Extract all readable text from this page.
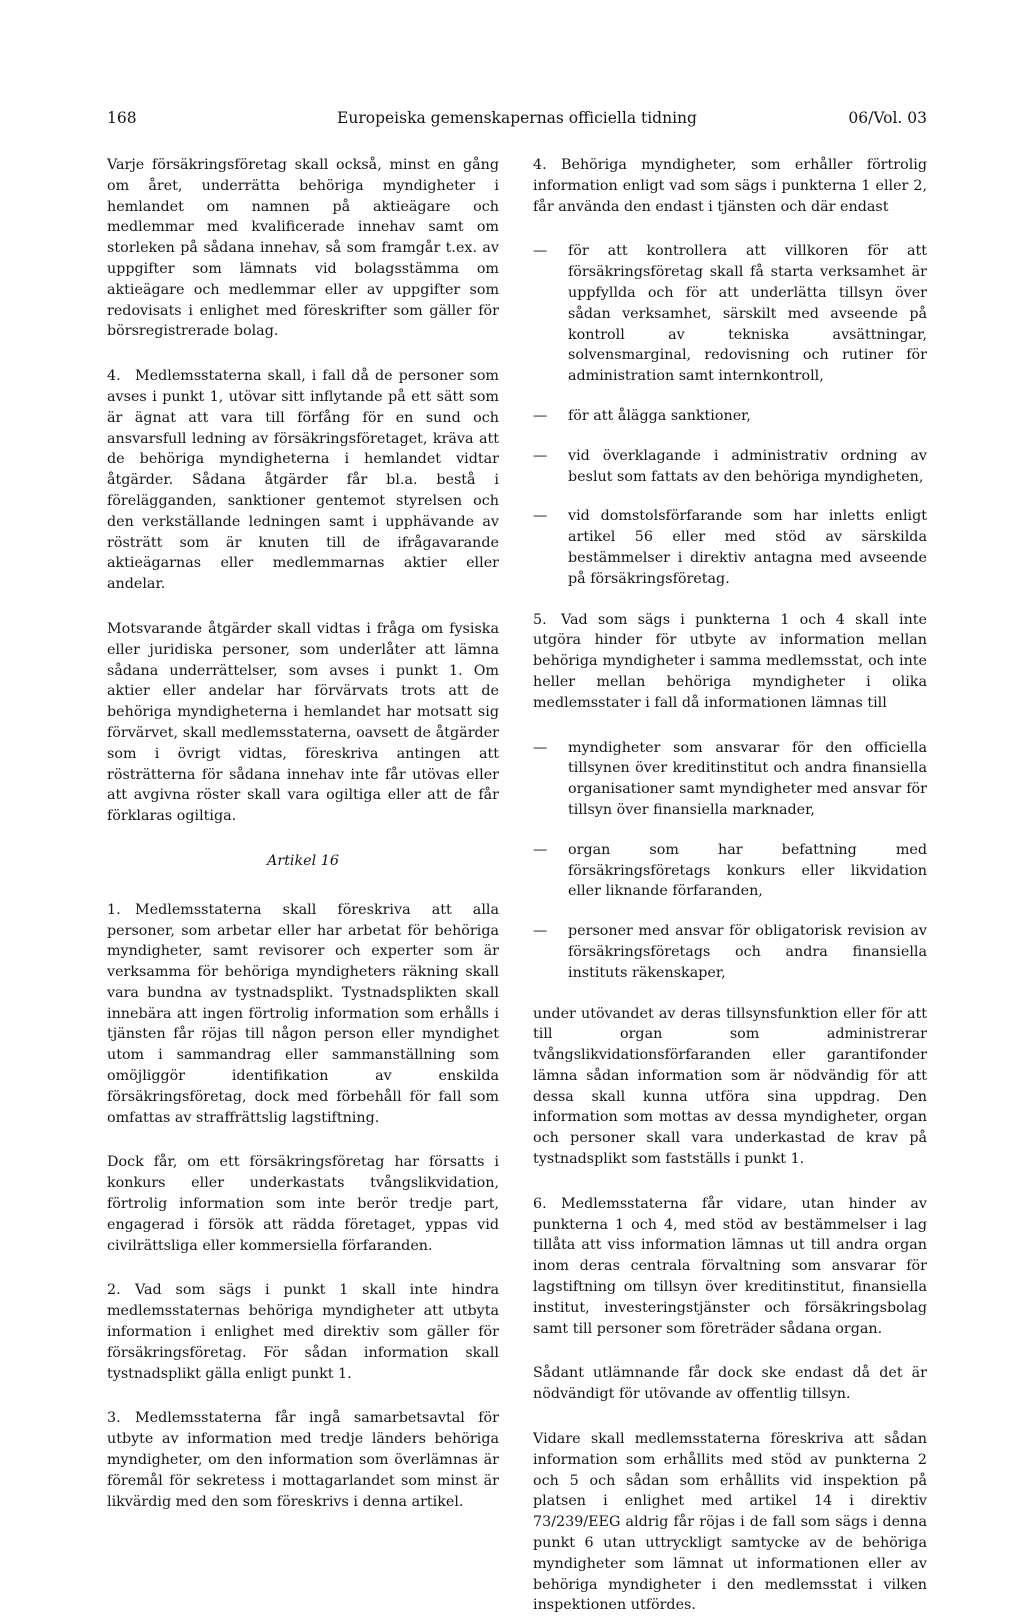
168	Europeiska gemenskapernas officiella tidning	06/Vol. 03

Varje försäkringsföretag skall också, minst en gång om året, underrätta behöriga myndigheter i hemlandet om namnen på aktieägare och medlemmar med kvalificerade innehav samt om storleken på sådana innehav, så som framgår t.ex. av uppgifter som lämnats vid bolagsstämma om aktieägare och medlemmar eller av uppgifter som redovisats i enlighet med föreskrifter som gäller för börsregistrerade bolag.

4. Medlemsstaterna skall, i fall då de personer som avses i punkt 1, utövar sitt inflytande på ett sätt som är ägnat att vara till förfång för en sund och ansvarsfull ledning av försäkringsföretaget, kräva att de behöriga myndigheterna i hemlandet vidtar åtgärder. Sådana åtgärder får bl.a. bestå i förelägganden, sanktioner gentemot styrelsen och den verkställande ledningen samt i upphävande av rösträtt som är knuten till de ifrågavarande aktieägarnas eller medlemmarnas aktier eller andelar.

Motsvarande åtgärder skall vidtas i fråga om fysiska eller juridiska personer, som underlåter att lämna sådana underrättelser, som avses i punkt 1. Om aktier eller andelar har förvärvats trots att de behöriga myndigheterna i hemlandet har motsatt sig förvärvet, skall medlemsstaterna, oavsett de åtgärder som i övrigt vidtas, föreskriva antingen att rösträtterna för sådana innehav inte får utövas eller att avgivna röster skall vara ogiltiga eller att de får förklaras ogiltiga.

Artikel 16

1. Medlemsstaterna skall föreskriva att alla personer, som arbetar eller har arbetat för behöriga myndigheter, samt revisorer och experter som är verksamma för behöriga myndigheters räkning skall vara bundna av tystnadsplikt. Tystnadsplikten skall innebära att ingen förtrolig information som erhålls i tjänsten får röjas till någon person eller myndighet utom i sammandrag eller sammanställning som omöjliggör identifikation av enskilda försäkringsföretag, dock med förbehåll för fall som omfattas av straffrättslig lagstiftning.

Dock får, om ett försäkringsföretag har försatts i konkurs eller underkastats tvångslikvidation, förtrolig information som inte berör tredje part, engagerad i försök att rädda företaget, yppas vid civilrättsliga eller kommersiella förfaranden.

2. Vad som sägs i punkt 1 skall inte hindra medlemsstaternas behöriga myndigheter att utbyta information i enlighet med direktiv som gäller för försäkringsföretag. För sådan information skall tystnadsplikt gälla enligt punkt 1.

3. Medlemsstaterna får ingå samarbetsavtal för utbyte av information med tredje länders behöriga myndigheter, om den information som överlämnas är föremål för sekretess i mottagarlandet som minst är likvärdig med den som föreskrivs i denna artikel.

4. Behöriga myndigheter, som erhåller förtrolig information enligt vad som sägs i punkterna 1 eller 2, får använda den endast i tjänsten och där endast

—	för att kontrollera att villkoren för att försäkringsföretag skall få starta verksamhet är uppfyllda och för att underlätta tillsyn över sådan verksamhet, särskilt med avseende på kontroll av tekniska avsättningar, solvensmarginal, redovisning och rutiner för administration samt internkontroll,
—	för att ålägga sanktioner,
—	vid överklagande i administrativ ordning av beslut som fattats av den behöriga myndigheten,
—	vid domstolsförfarande som har inletts enligt artikel 56 eller med stöd av särskilda bestämmelser i direktiv antagna med avseende på försäkringsföretag.

5. Vad som sägs i punkterna 1 och 4 skall inte utgöra hinder för utbyte av information mellan behöriga myndigheter i samma medlemsstat, och inte heller mellan behöriga myndigheter i olika medlemsstater i fall då informationen lämnas till

—	myndigheter som ansvarar för den officiella tillsynen över kreditinstitut och andra finansiella organisationer samt myndigheter med ansvar för tillsyn över finansiella marknader,
—	organ som har befattning med försäkringsföretags konkurs eller likvidation eller liknande förfaranden,
—	personer med ansvar för obligatorisk revision av försäkringsföretags och andra finansiella instituts räkenskaper,

under utövandet av deras tillsynsfunktion eller för att till organ som administrerar tvångslikvidationsförfaranden eller garantifonder lämna sådan information som är nödvändig för att dessa skall kunna utföra sina uppdrag. Den information som mottas av dessa myndigheter, organ och personer skall vara underkastad de krav på tystnadsplikt som fastställs i punkt 1.

6. Medlemsstaterna får vidare, utan hinder av punkterna 1 och 4, med stöd av bestämmelser i lag tillåta att viss information lämnas ut till andra organ inom deras centrala förvaltning som ansvarar för lagstiftning om tillsyn över kreditinstitut, finansiella institut, investeringstjänster och försäkringsbolag samt till personer som företräder sådana organ.

Sådant utlämnande får dock ske endast då det är nödvändigt för utövande av offentlig tillsyn.

Vidare skall medlemsstaterna föreskriva att sådan information som erhållits med stöd av punkterna 2 och 5 och sådan som erhållits vid inspektion på platsen i enlighet med artikel 14 i direktiv 73/239/EEG aldrig får röjas i de fall som sägs i denna punkt 6 utan uttryckligt samtycke av de behöriga myndigheter som lämnat ut informationen eller av behöriga myndigheter i den medlemsstat i vilken inspektionen utfördes.
